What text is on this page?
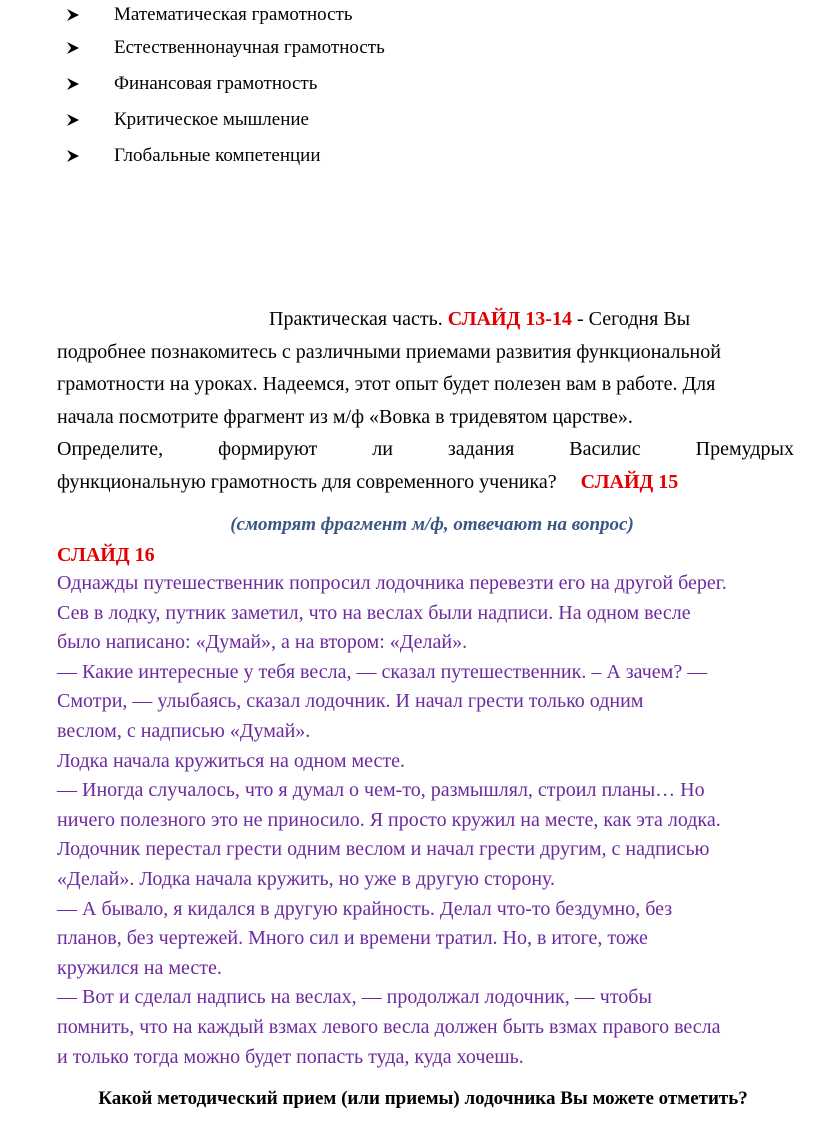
Математическая грамотность
Естественнонаучная грамотность
Финансовая грамотность
Критическое мышление
Глобальные компетенции
Практическая часть. СЛАЙД 13-14 - Сегодня Вы
подробнее познакомитесь с различными приемами развития функциональной
грамотности на уроках. Надеемся, этот опыт будет полезен вам в работе. Для
начала посмотрите фрагмент из м/ф «Вовка в тридевятом царстве».
Определите,	формируют	ли	задания	Василис	Премудрых
функциональную грамотность для современного ученика? СЛАЙД 15
(смотрят фрагмент м/ф, отвечают на вопрос)
СЛАЙД 16
Однажды путешественник попросил лодочника перевезти его на другой берег.
Сев в лодку, путник заметил, что на веслах были надписи. На одном весле
было написано: «Думай», а на втором: «Делай».
— Какие интересные у тебя весла, — сказал путешественник. – А зачем? —
Смотри, — улыбаясь, сказал лодочник. И начал грести только одним
веслом, с надписью «Думай».
Лодка начала кружиться на одном месте.
— Иногда случалось, что я думал о чем-то, размышлял, строил планы… Но
ничего полезного это не приносило. Я просто кружил на месте, как эта лодка.
Лодочник перестал грести одним веслом и начал грести другим, с надписью
«Делай». Лодка начала кружить, но уже в другую сторону.
— А бывало, я кидался в другую крайность. Делал что-то бездумно, без
планов, без чертежей. Много сил и времени тратил. Но, в итоге, тоже
кружился на месте.
— Вот и сделал надпись на веслах, — продолжал лодочник, — чтобы
помнить, что на каждый взмах левого весла должен быть взмах правого весла
и только тогда можно будет попасть туда, куда хочешь.
Какой методический прием (или приемы) лодочника Вы можете отметить?
